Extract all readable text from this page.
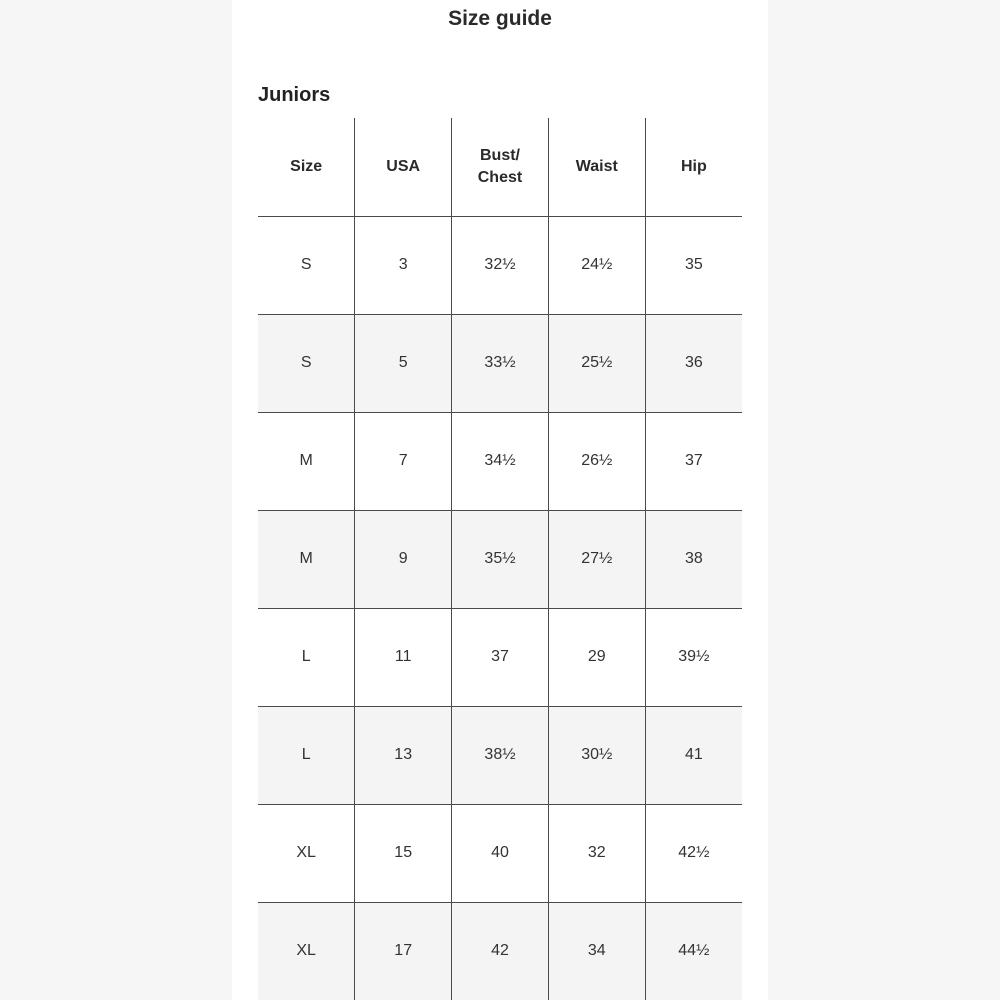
Size guide
Juniors
Size	USA	Bust/ Chest	Waist	Hip
S	3	32½	24½	35
S	5	33½	25½	36
M	7	34½	26½	37
M	9	35½	27½	38
L	11	37	29	39½
L	13	38½	30½	41
XL	15	40	32	42½
XL	17	42	34	44½
